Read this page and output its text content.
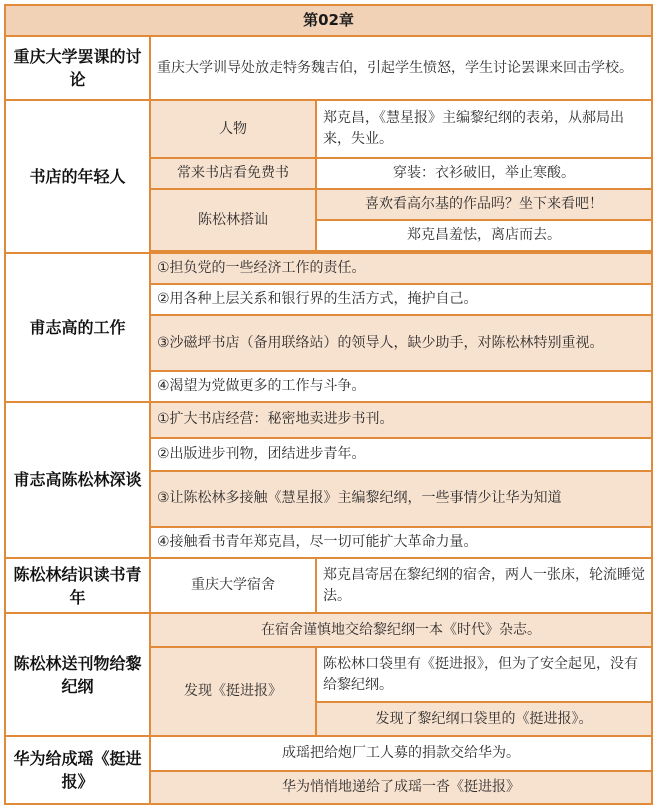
第02章		
重庆大学罢课的讨论	重庆大学训导处放走特务魏吉伯，引起学生愤怒，学生讨论罢课来回击学校。	
书店的年轻人	人物	郑克昌，《慧星报》主编黎纪纲的表弟，从郝局出来，失业。
	常来书店看免费书	穿装：衣衫破旧，举止寒酸。
	陈松林搭讪	喜欢看高尔基的作品吗？坐下来看吧！
		郑克昌羞怯，离店而去。

甫志高的工作	①担负党的一些经济工作的责任。	
	②用各种上层关系和银行界的生活方式，掩护自己。	
	③沙磁坪书店（备用联络站）的领导人，缺少助手，对陈松林特别重视。	
	④渴望为党做更多的工作与斗争。	
甫志高陈松林深谈	①扩大书店经营：秘密地卖进步书刊。	
	②出版进步刊物，团结进步青年。	
	③让陈松林多接触《慧星报》主编黎纪纲，一些事情少让华为知道	
	④接触看书青年郑克昌，尽一切可能扩大革命力量。	
陈松林结识读书青年	重庆大学宿舍	郑克昌寄居在黎纪纲的宿舍，两人一张床，轮流睡觉法。
陈松林送刊物给黎纪纲	在宿舍谨慎地交给黎纪纲一本《时代》杂志。	
	发现《挺进报》	陈松林口袋里有《挺进报》，但为了安全起见，没有给黎纪纲。
		发现了黎纪纲口袋里的《挺进报》。
华为给成瑶《挺进报》	成瑶把给炮厂工人募的捐款交给华为。	
	华为悄悄地递给了成瑶一沓《挺进报》	
